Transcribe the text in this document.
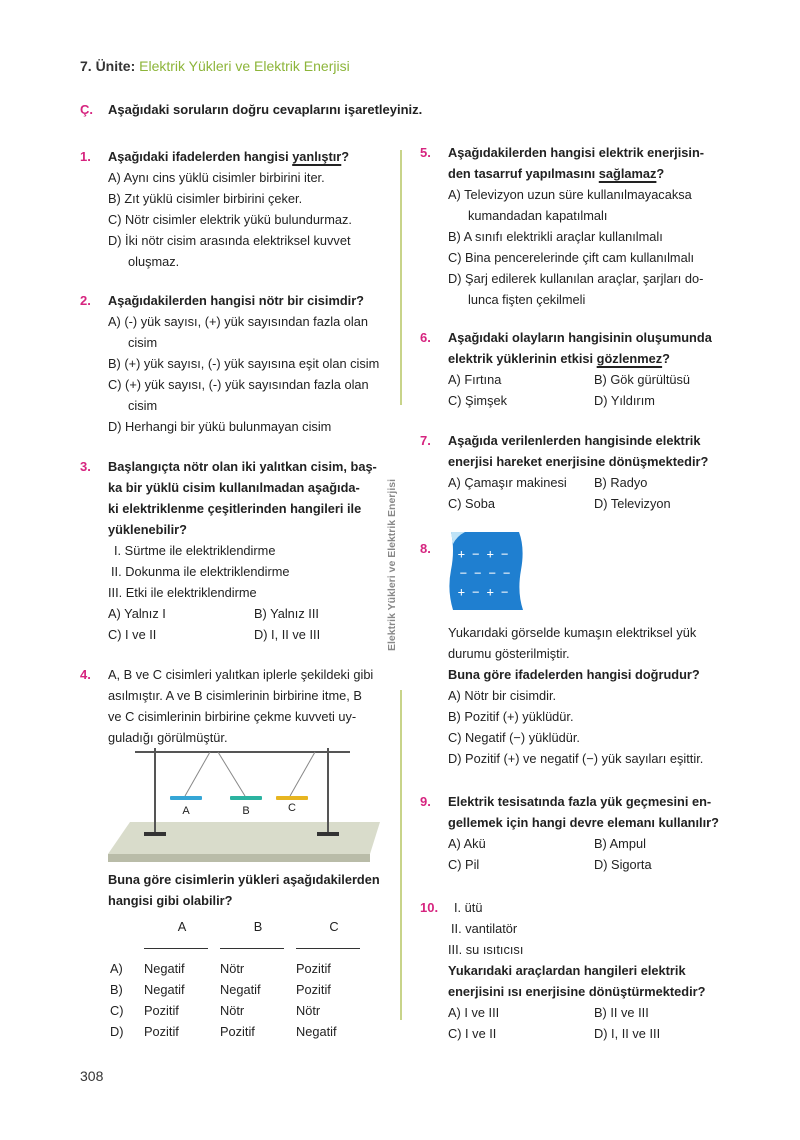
7. Ünite: Elektrik Yükleri ve Elektrik Enerjisi
Ç. Aşağıdaki soruların doğru cevaplarını işaretleyiniz.
Elektrik Yükleri ve Elektrik Enerjisi
1. Aşağıdaki ifadelerden hangisi yanlıştır?
A) Aynı cins yüklü cisimler birbirini iter.
B) Zıt yüklü cisimler birbirini çeker.
C) Nötr cisimler elektrik yükü bulundurmaz.
D) İki nötr cisim arasında elektriksel kuvvet
oluşmaz.
2. Aşağıdakilerden hangisi nötr bir cisimdir?
A) (-) yük sayısı, (+) yük sayısından fazla olan
cisim
B) (+) yük sayısı, (-) yük sayısına eşit olan cisim
C) (+) yük sayısı, (-) yük sayısından fazla olan
cisim
D) Herhangi bir yükü bulunmayan cisim
3. Başlangıçta nötr olan iki yalıtkan cisim, baş-
ka bir yüklü cisim kullanılmadan aşağıda-
ki elektriklenme çeşitlerinden hangileri ile
yüklenebilir?
I. Sürtme ile elektriklendirme
II. Dokunma ile elektriklendirme
III. Etki ile elektriklendirme
A) Yalnız I	B) Yalnız III
C) I ve II	D) I, II ve III
4. A, B ve C cisimleri yalıtkan iplerle şekildeki gibi
asılmıştır. A ve B cisimlerinin birbirine itme, B
ve C cisimlerinin birbirine çekme kuvveti uy-
guladığı görülmüştür.
A	B	C
Buna göre cisimlerin yükleri aşağıdakilerden
hangisi gibi olabilir?
	A	B	C

A)	Negatif	Nötr	Pozitif
B)	Negatif	Negatif	Pozitif
C)	Pozitif	Nötr	Nötr
D)	Pozitif	Pozitif	Negatif
5. Aşağıdakilerden hangisi elektrik enerjisin-
den tasarruf yapılmasını sağlamaz?
A) Televizyon uzun süre kullanılmayacaksa
kumandadan kapatılmalı
B) A sınıfı elektrikli araçlar kullanılmalı
C) Bina pencerelerinde çift cam kullanılmalı
D) Şarj edilerek kullanılan araçlar, şarjları do-
lunca fişten çekilmeli
6. Aşağıdaki olayların hangisinin oluşumunda
elektrik yüklerinin etkisi gözlenmez?
A) Fırtına	B) Gök gürültüsü
C) Şimşek	D) Yıldırım
7. Aşağıda verilenlerden hangisinde elektrik
enerjisi hareket enerjisine dönüşmektedir?
A) Çamaşır makinesi	B) Radyo
C) Soba	D) Televizyon
8. + − + −
− − − −
+ − + −
Yukarıdaki görselde kumaşın elektriksel yük
durumu gösterilmiştir.
Buna göre ifadelerden hangisi doğrudur?
A) Nötr bir cisimdir.
B) Pozitif (+) yüklüdür.
C) Negatif (−) yüklüdür.
D) Pozitif (+) ve negatif (−) yük sayıları eşittir.
9. Elektrik tesisatında fazla yük geçmesini en-
gellemek için hangi devre elemanı kullanılır?
A) Akü	B) Ampul
C) Pil	D) Sigorta
10.	I. ütü
II. vantilatör
III. su ısıtıcısı
Yukarıdaki araçlardan hangileri elektrik
enerjisini ısı enerjisine dönüştürmektedir?
A) I ve III	B) II ve III
C) I ve II	D) I, II ve III
308
